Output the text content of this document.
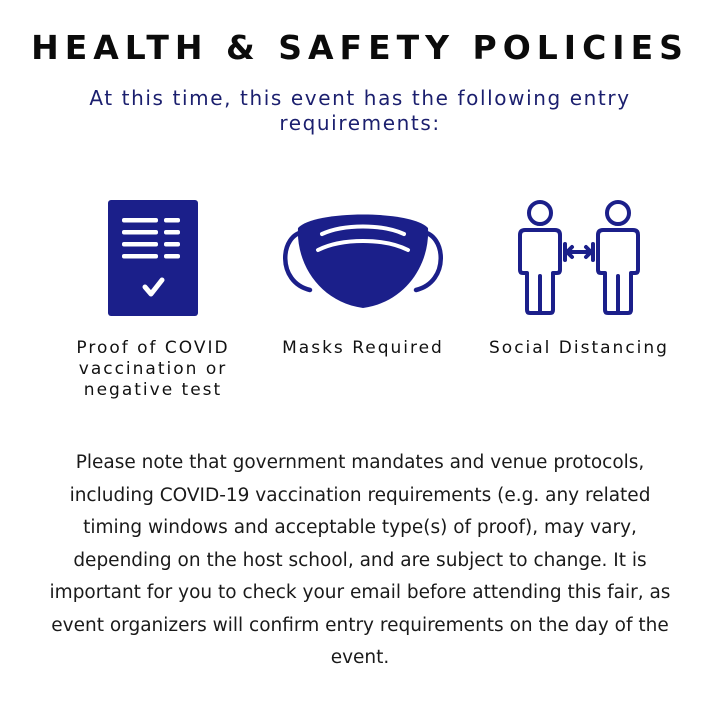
HEALTH & SAFETY POLICIES
At this time, this event has the following entry requirements:
Proof of COVID vaccination or negative test
Masks Required	Social Distancing
Please note that government mandates and venue protocols, including COVID-19 vaccination requirements (e.g. any related timing windows and acceptable type(s) of proof), may vary, depending on the host school, and are subject to change. It is important for you to check your email before attending this fair, as event organizers will confirm entry requirements on the day of the event.
